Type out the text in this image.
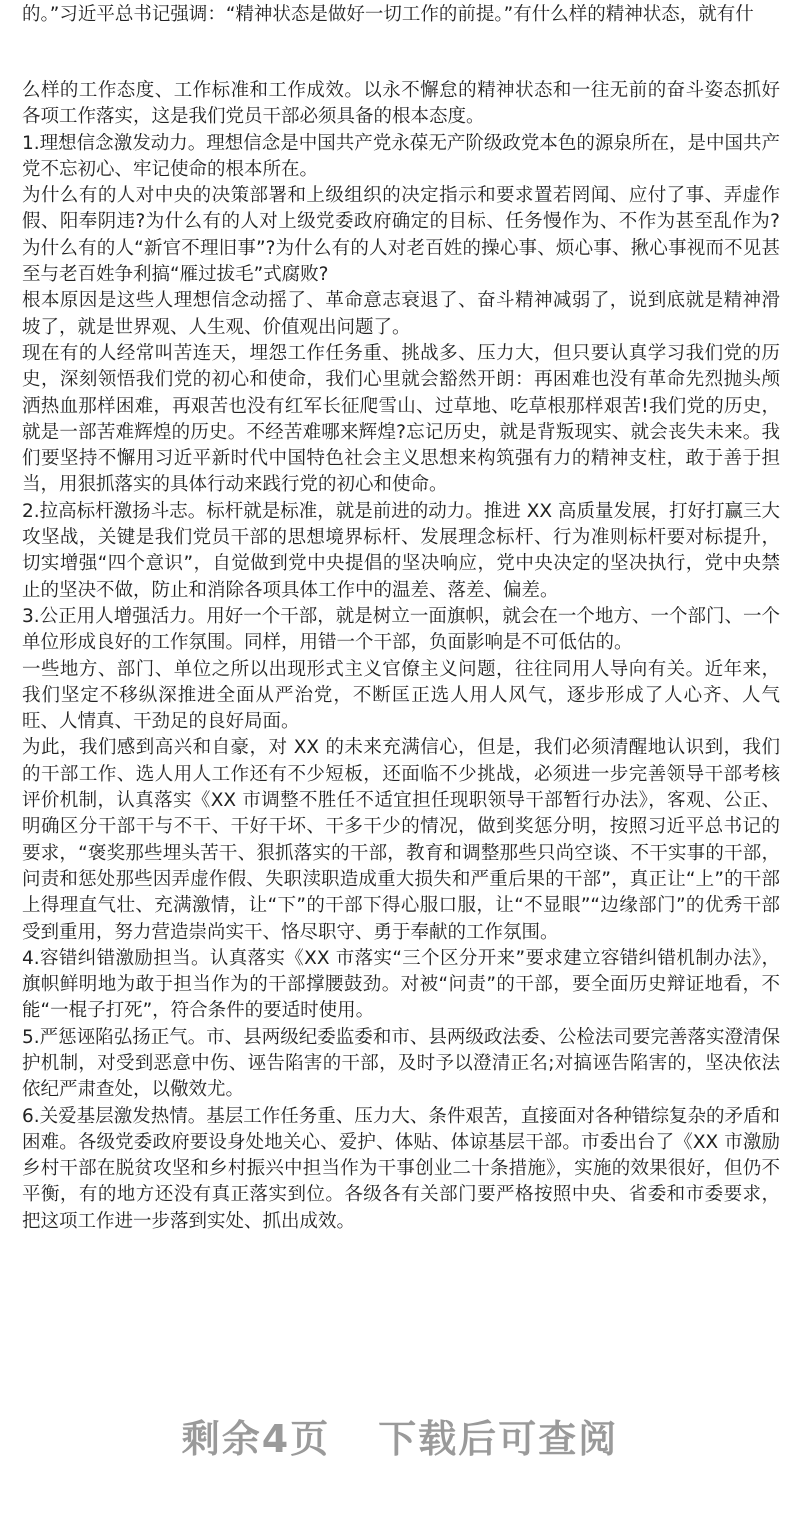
的。”习近平总书记强调：“精神状态是做好一切工作的前提。”有什么样的精神状态，就有什

么样的工作态度、工作标准和工作成效。以永不懈怠的精神状态和一往无前的奋斗姿态抓好各项工作落实，这是我们党员干部必须具备的根本态度。

1.理想信念激发动力。理想信念是中国共产党永葆无产阶级政党本色的源泉所在，是中国共产党不忘初心、牢记使命的根本所在。

为什么有的人对中央的决策部署和上级组织的决定指示和要求置若罔闻、应付了事、弄虚作假、阳奉阴违?为什么有的人对上级党委政府确定的目标、任务慢作为、不作为甚至乱作为?为什么有的人“新官不理旧事”?为什么有的人对老百姓的操心事、烦心事、揪心事视而不见甚至与老百姓争利搞“雁过拔毛”式腐败?

根本原因是这些人理想信念动摇了、革命意志衰退了、奋斗精神减弱了，说到底就是精神滑坡了，就是世界观、人生观、价值观出问题了。

现在有的人经常叫苦连天，埋怨工作任务重、挑战多、压力大，但只要认真学习我们党的历史，深刻领悟我们党的初心和使命，我们心里就会豁然开朗：再困难也没有革命先烈抛头颅洒热血那样困难，再艰苦也没有红军长征爬雪山、过草地、吃草根那样艰苦!我们党的历史，就是一部苦难辉煌的历史。不经苦难哪来辉煌?忘记历史，就是背叛现实、就会丧失未来。我们要坚持不懈用习近平新时代中国特色社会主义思想来构筑强有力的精神支柱，敢于善于担当，用狠抓落实的具体行动来践行党的初心和使命。

2.拉高标杆激扬斗志。标杆就是标准，就是前进的动力。推进 XX 高质量发展，打好打赢三大攻坚战，关键是我们党员干部的思想境界标杆、发展理念标杆、行为准则标杆要对标提升，切实增强“四个意识”，自觉做到党中央提倡的坚决响应，党中央决定的坚决执行，党中央禁止的坚决不做，防止和消除各项具体工作中的温差、落差、偏差。

3.公正用人增强活力。用好一个干部，就是树立一面旗帜，就会在一个地方、一个部门、一个单位形成良好的工作氛围。同样，用错一个干部，负面影响是不可低估的。

一些地方、部门、单位之所以出现形式主义官僚主义问题，往往同用人导向有关。近年来，我们坚定不移纵深推进全面从严治党，不断匡正选人用人风气，逐步形成了人心齐、人气旺、人情真、干劲足的良好局面。

为此，我们感到高兴和自豪，对 XX 的未来充满信心，但是，我们必须清醒地认识到，我们的干部工作、选人用人工作还有不少短板，还面临不少挑战，必须进一步完善领导干部考核评价机制，认真落实《XX 市调整不胜任不适宜担任现职领导干部暂行办法》，客观、公正、明确区分干部干与不干、干好干坏、干多干少的情况，做到奖惩分明，按照习近平总书记的要求，“褒奖那些埋头苦干、狠抓落实的干部，教育和调整那些只尚空谈、不干实事的干部，问责和惩处那些因弄虚作假、失职渎职造成重大损失和严重后果的干部”，真正让“上”的干部上得理直气壮、充满激情，让“下”的干部下得心服口服，让“不显眼”“边缘部门”的优秀干部受到重用，努力营造崇尚实干、恪尽职守、勇于奉献的工作氛围。

4.容错纠错激励担当。认真落实《XX 市落实“三个区分开来”要求建立容错纠错机制办法》，旗帜鲜明地为敢于担当作为的干部撑腰鼓劲。对被“问责”的干部，要全面历史辩证地看，不能“一棍子打死”，符合条件的要适时使用。

5.严惩诬陷弘扬正气。市、县两级纪委监委和市、县两级政法委、公检法司要完善落实澄清保护机制，对受到恶意中伤、诬告陷害的干部，及时予以澄清正名;对搞诬告陷害的，坚决依法依纪严肃查处，以儆效尤。

6.关爱基层激发热情。基层工作任务重、压力大、条件艰苦，直接面对各种错综复杂的矛盾和困难。各级党委政府要设身处地关心、爱护、体贴、体谅基层干部。市委出台了《XX 市激励乡村干部在脱贫攻坚和乡村振兴中担当作为干事创业二十条措施》，实施的效果很好，但仍不平衡，有的地方还没有真正落实到位。各级各有关部门要严格按照中央、省委和市委要求，把这项工作进一步落到实处、抓出成效。

剩余4页 下载后可查阅
